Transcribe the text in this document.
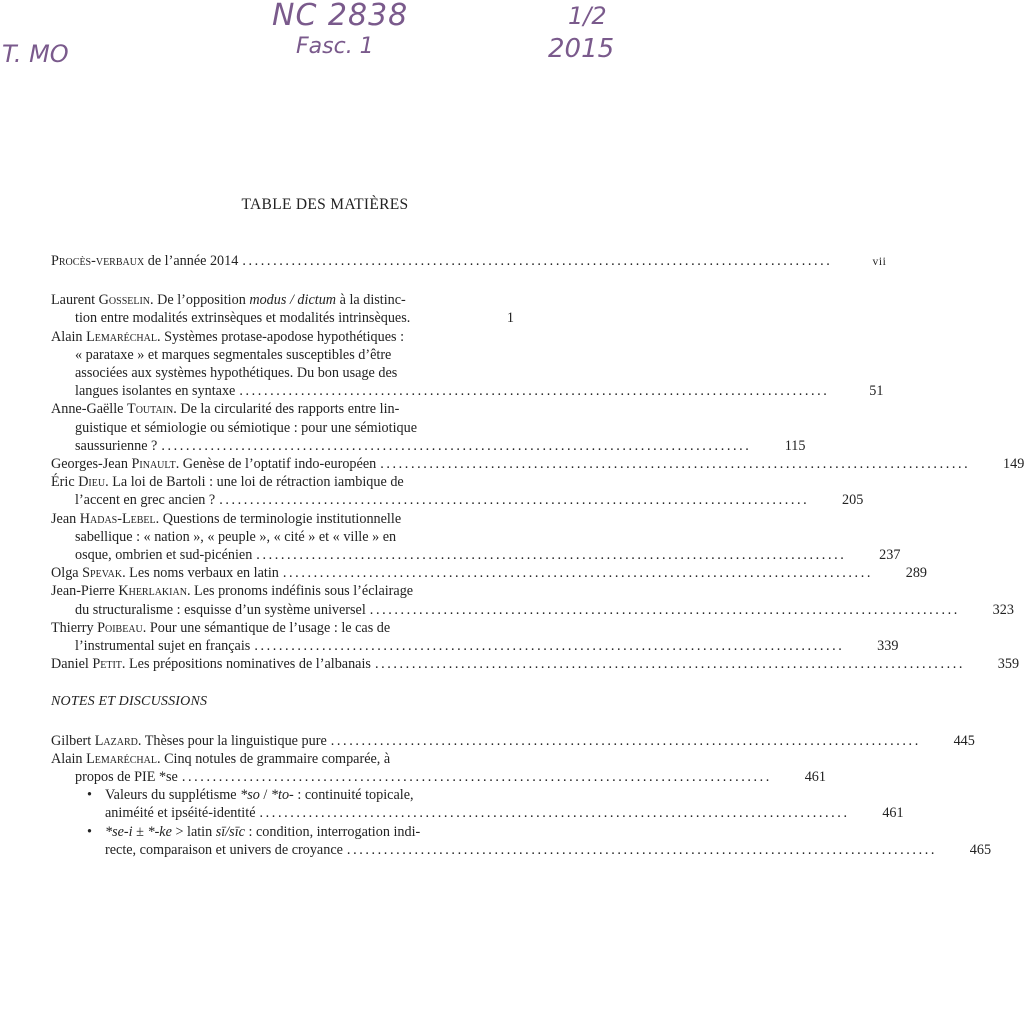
NC 2838
Fasc. 1
T. MO
1/2
2015
TABLE DES MATIÈRES
Procès-verbaux de l’année 2014 ................................................................................................	vii
Laurent Gosselin. De l’opposition modus / dictum à la distinc-
tion entre modalités extrinsèques et modalités intrinsèques.	1
Alain Lemaréchal. Systèmes protase-apodose hypothétiques :
« parataxe » et marques segmentales susceptibles d’être
associées aux systèmes hypothétiques. Du bon usage des
langues isolantes en syntaxe ................................................................................................	51
Anne-Gaëlle Toutain. De la circularité des rapports entre lin-
guistique et sémiologie ou sémiotique : pour une sémiotique
saussurienne ? ................................................................................................	115
Georges-Jean Pinault. Genèse de l’optatif indo-européen ................................................................................................	149
Éric Dieu. La loi de Bartoli : une loi de rétraction iambique de
l’accent en grec ancien ? ................................................................................................	205
Jean Hadas-Lebel. Questions de terminologie institutionnelle
sabellique : « nation », « peuple », « cité » et « ville » en
osque, ombrien et sud-picénien ................................................................................................	237
Olga Spevak. Les noms verbaux en latin ................................................................................................	289
Jean-Pierre Kherlakian. Les pronoms indéfinis sous l’éclairage
du structuralisme : esquisse d’un système universel ................................................................................................	323
Thierry Poibeau. Pour une sémantique de l’usage : le cas de
l’instrumental sujet en français ................................................................................................	339
Daniel Petit. Les prépositions nominatives de l’albanais ................................................................................................	359
NOTES ET DISCUSSIONS
Gilbert Lazard. Thèses pour la linguistique pure ................................................................................................	445
Alain Lemaréchal. Cinq notules de grammaire comparée, à
propos de PIE *se ................................................................................................	461
• Valeurs du supplétisme *so / *to- : continuité topicale,
animéité et ipséité-identité ................................................................................................	461
• *se-i ± *-ke > latin sī/sīc : condition, interrogation indi-
recte, comparaison et univers de croyance ................................................................................................	465
